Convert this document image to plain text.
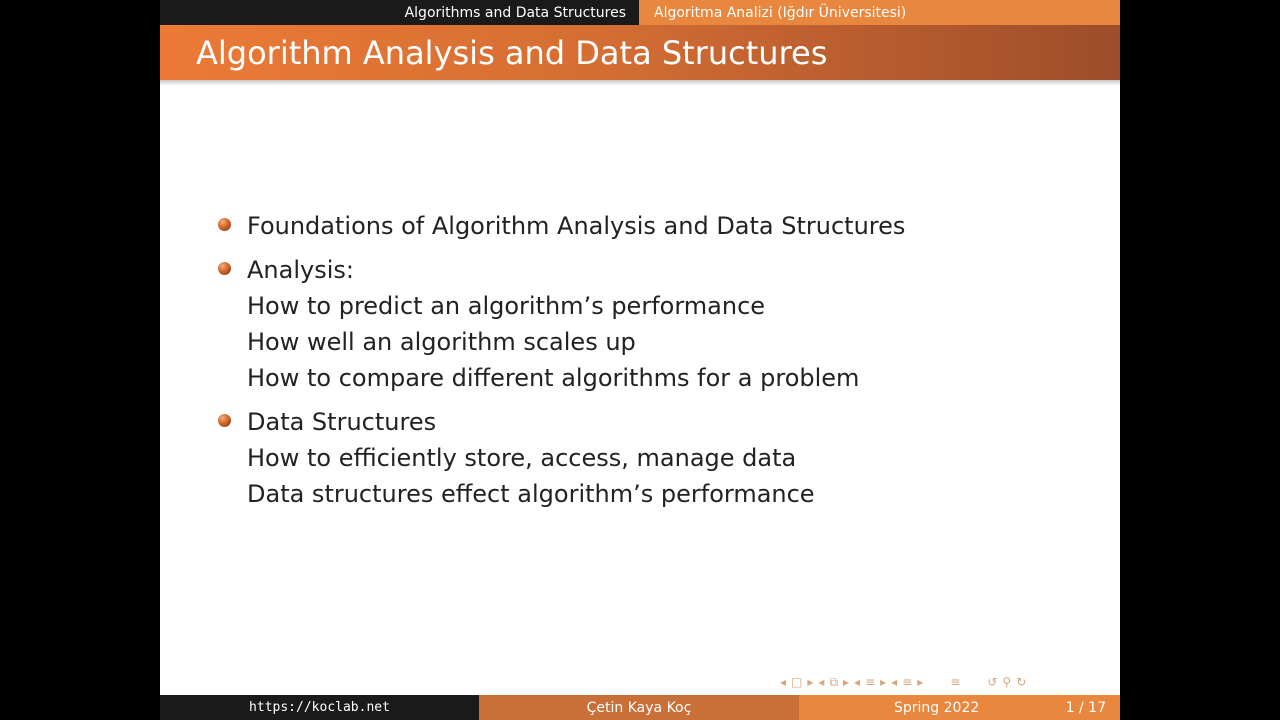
Algorithms and Data Structures	Algoritma Analizi (Iğdır Üniversitesi)
Algorithm Analysis and Data Structures
Foundations of Algorithm Analysis and Data Structures
Analysis:
How to predict an algorithm’s performance
How well an algorithm scales up
How to compare different algorithms for a problem
Data Structures
How to efficiently store, access, manage data
Data structures effect algorithm’s performance
◂ □ ▸ ◂ ⧉ ▸ ◂ ≡ ▸ ◂ ≡ ▸ ≡ ↺ ⚲ ↻
https://koclab.net	Çetin Kaya Koç	Spring 2022	1 / 17
